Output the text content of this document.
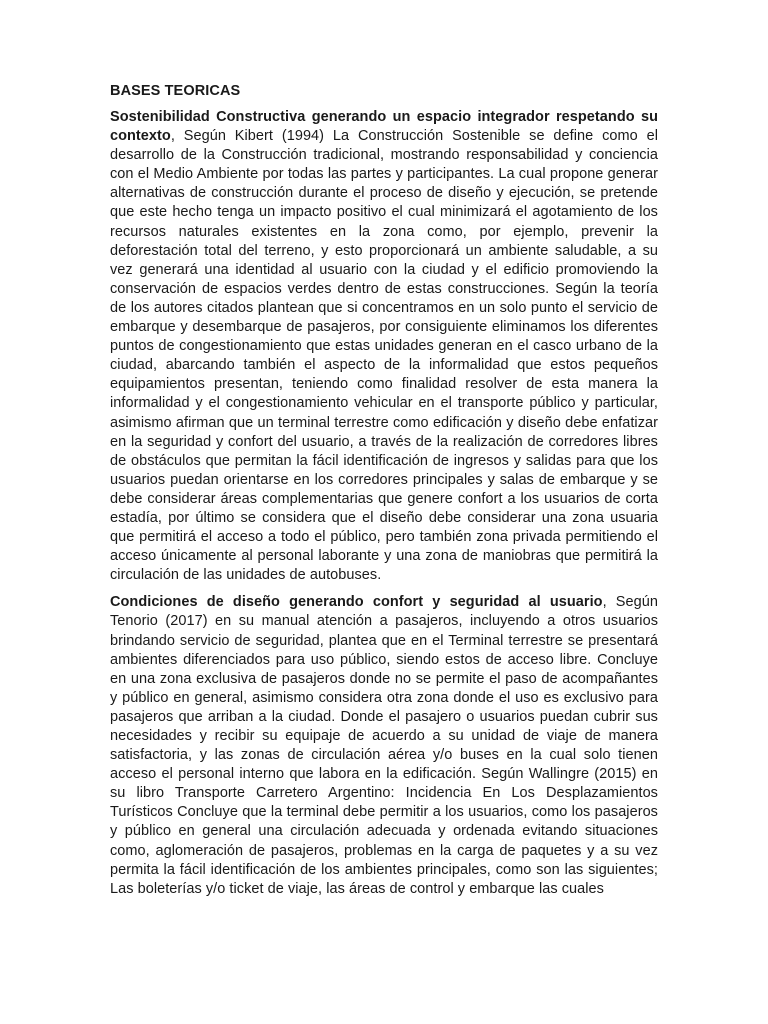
BASES TEORICAS

Sostenibilidad Constructiva generando un espacio integrador respetando su contexto, Según Kibert (1994) La Construcción Sostenible se define como el desarrollo de la Construcción tradicional, mostrando responsabilidad y conciencia con el Medio Ambiente por todas las partes y participantes. La cual propone generar alternativas de construcción durante el proceso de diseño y ejecución, se pretende que este hecho tenga un impacto positivo el cual minimizará el agotamiento de los recursos naturales existentes en la zona como, por ejemplo, prevenir la deforestación total del terreno, y esto proporcionará un ambiente saludable, a su vez generará una identidad al usuario con la ciudad y el edificio promoviendo la conservación de espacios verdes dentro de estas construcciones. Según la teoría de los autores citados plantean que si concentramos en un solo punto el servicio de embarque y desembarque de pasajeros, por consiguiente eliminamos los diferentes puntos de congestionamiento que estas unidades generan en el casco urbano de la ciudad, abarcando también el aspecto de la informalidad que estos pequeños equipamientos presentan, teniendo como finalidad resolver de esta manera la informalidad y el congestionamiento vehicular en el transporte público y particular, asimismo afirman que un terminal terrestre como edificación y diseño debe enfatizar en la seguridad y confort del usuario, a través de la realización de corredores libres de obstáculos que permitan la fácil identificación de ingresos y salidas para que los usuarios puedan orientarse en los corredores principales y salas de embarque y se debe considerar áreas complementarias que genere confort a los usuarios de corta estadía, por último se considera que el diseño debe considerar una zona usuaria que permitirá el acceso a todo el público, pero también zona privada permitiendo el acceso únicamente al personal laborante y una zona de maniobras que permitirá la circulación de las unidades de autobuses.

Condiciones de diseño generando confort y seguridad al usuario, Según Tenorio (2017) en su manual atención a pasajeros, incluyendo a otros usuarios brindando servicio de seguridad, plantea que en el Terminal terrestre se presentará ambientes diferenciados para uso público, siendo estos de acceso libre. Concluye en una zona exclusiva de pasajeros donde no se permite el paso de acompañantes y público en general, asimismo considera otra zona donde el uso es exclusivo para pasajeros que arriban a la ciudad. Donde el pasajero o usuarios puedan cubrir sus necesidades y recibir su equipaje de acuerdo a su unidad de viaje de manera satisfactoria, y las zonas de circulación aérea y/o buses en la cual solo tienen acceso el personal interno que labora en la edificación. Según Wallingre (2015) en su libro Transporte Carretero Argentino: Incidencia En Los Desplazamientos Turísticos Concluye que la terminal debe permitir a los usuarios, como los pasajeros y público en general una circulación adecuada y ordenada evitando situaciones como, aglomeración de pasajeros, problemas en la carga de paquetes y a su vez permita la fácil identificación de los ambientes principales, como son las siguientes; Las boleterías y/o ticket de viaje, las áreas de control y embarque las cuales
